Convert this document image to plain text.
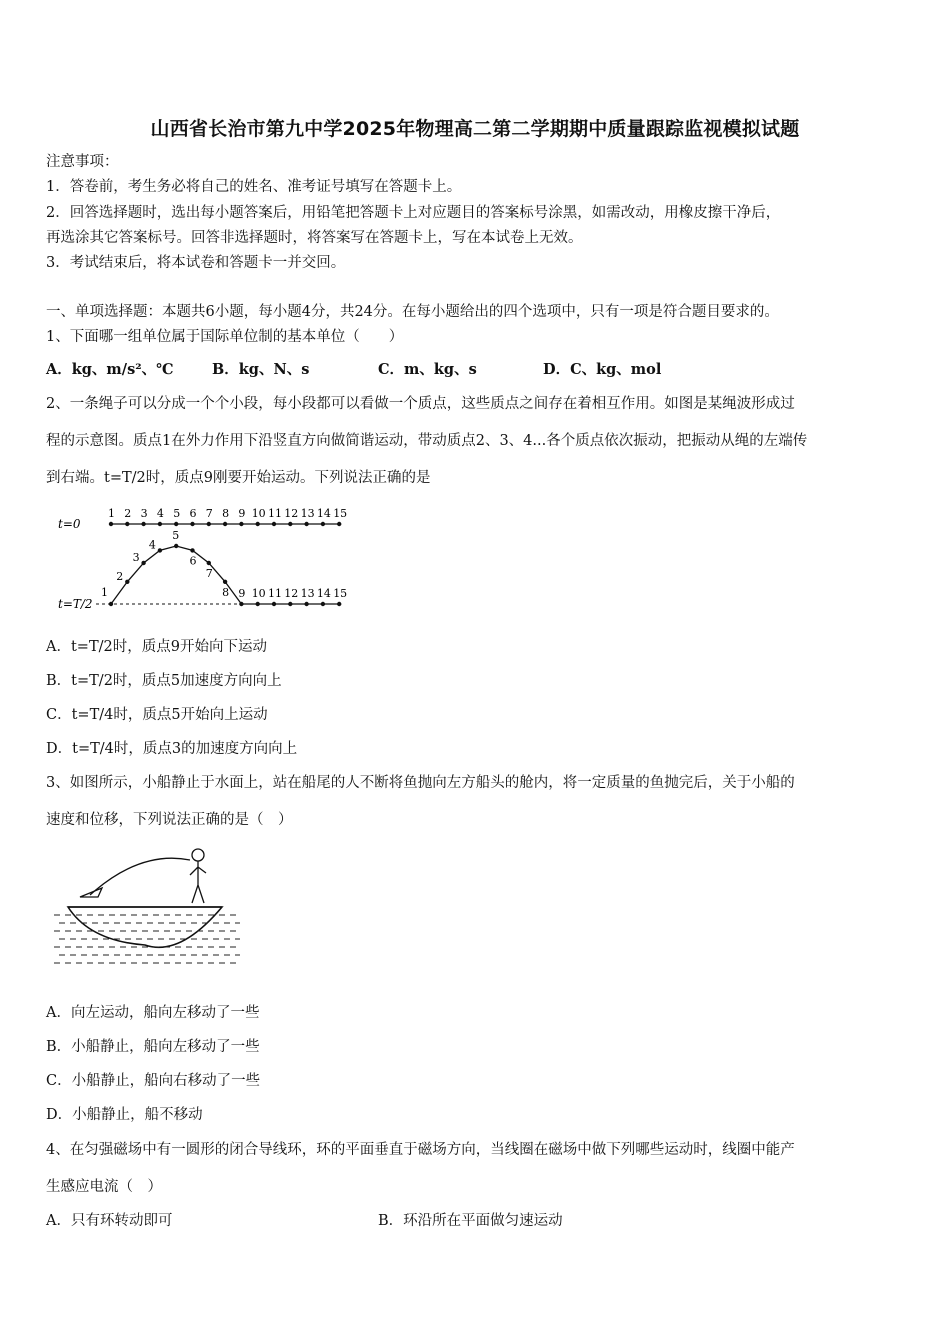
山西省长治市第九中学2025年物理高二第二学期期中质量跟踪监视模拟试题
注意事项：
1．答卷前，考生务必将自己的姓名、准考证号填写在答题卡上。
2．回答选择题时，选出每小题答案后，用铅笔把答题卡上对应题目的答案标号涂黑，如需改动，用橡皮擦干净后，
再选涂其它答案标号。回答非选择题时，将答案写在答题卡上，写在本试卷上无效。
3．考试结束后，将本试卷和答题卡一并交回。
一、单项选择题：本题共6小题，每小题4分，共24分。在每小题给出的四个选项中，只有一项是符合题目要求的。
1、下面哪一组单位属于国际单位制的基本单位（　　）
A．kg、m/s²、℃	B．kg、N、s	C．m、kg、s	D．C、kg、mol
2、一条绳子可以分成一个个小段，每小段都可以看做一个质点，这些质点之间存在着相互作用。如图是某绳波形成过
程的示意图。质点1在外力作用下沿竖直方向做简谐运动，带动质点2、3、4...各个质点依次振动，把振动从绳的左端传
到右端。t=T/2时，质点9刚要开始运动。下列说法正确的是
t=0
1 2 3 4 5 6 7 8 9 10 11 12 13 14 15
t=T/2
1
2
3
4
5
6
7
8 9 10 11 12 13 14 15
A．t=T/2时，质点9开始向下运动
B．t=T/2时，质点5加速度方向向上
C．t=T/4时，质点5开始向上运动
D．t=T/4时，质点3的加速度方向向上
3、如图所示，小船静止于水面上，站在船尾的人不断将鱼抛向左方船头的舱内，将一定质量的鱼抛完后，关于小船的
速度和位移，下列说法正确的是（　）
A．向左运动，船向左移动了一些
B．小船静止，船向左移动了一些
C．小船静止，船向右移动了一些
D．小船静止，船不移动
4、在匀强磁场中有一圆形的闭合导线环，环的平面垂直于磁场方向，当线圈在磁场中做下列哪些运动时，线圈中能产
生感应电流（　）
A．只有环转动即可	B．环沿所在平面做匀速运动
